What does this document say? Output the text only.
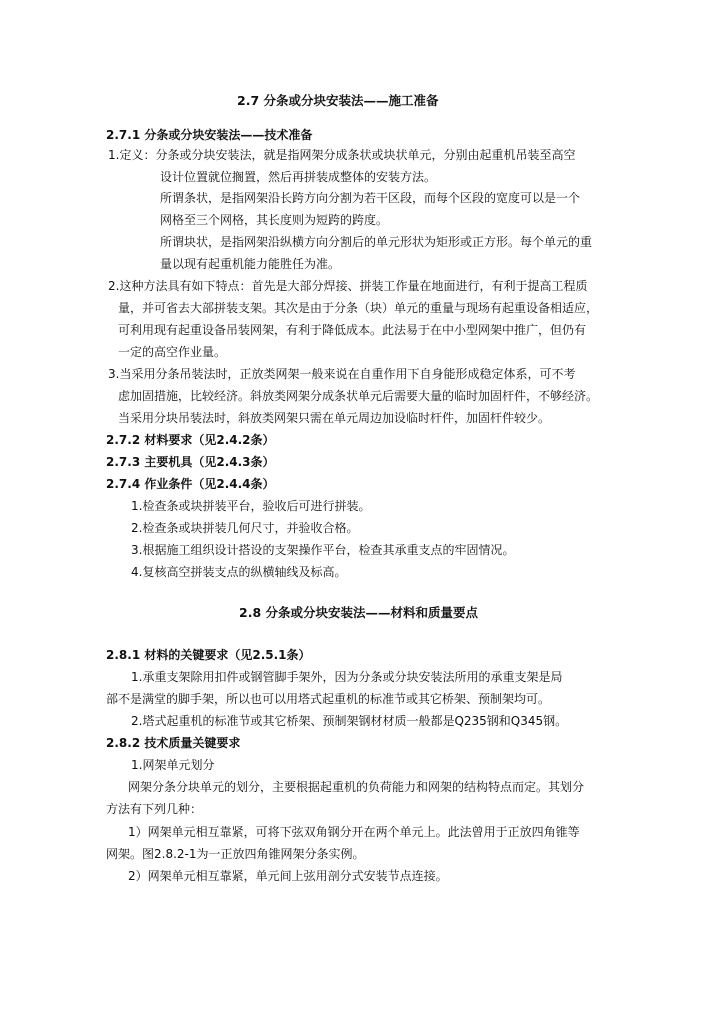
2.7 分条或分块安装法——施工准备
2.7.1 分条或分块安装法——技术准备
1.定义：分条或分块安装法，就是指网架分成条状或块状单元，分别由起重机吊装至高空
设计位置就位搁置，然后再拼装成整体的安装方法。
所谓条状，是指网架沿长跨方向分割为若干区段，而每个区段的宽度可以是一个
网格至三个网格，其长度则为短跨的跨度。
所谓块状，是指网架沿纵横方向分割后的单元形状为矩形或正方形。每个单元的重
量以现有起重机能力能胜任为准。
2.这种方法具有如下特点：首先是大部分焊接、拼装工作量在地面进行，有利于提高工程质
量，并可省去大部拼装支架。其次是由于分条（块）单元的重量与现场有起重设备相适应，
可利用现有起重设备吊装网架，有利于降低成本。此法易于在中小型网架中推广，但仍有
一定的高空作业量。
3.当采用分条吊装法时，正放类网架一般来说在自重作用下自身能形成稳定体系，可不考
虑加固措施，比较经济。斜放类网架分成条状单元后需要大量的临时加固杆件，不够经济。
当采用分块吊装法时，斜放类网架只需在单元周边加设临时杆件，加固杆件较少。
2.7.2 材料要求（见2.4.2条）
2.7.3 主要机具（见2.4.3条）
2.7.4 作业条件（见2.4.4条）
1.检查条或块拼装平台，验收后可进行拼装。
2.检查条或块拼装几何尺寸，并验收合格。
3.根据施工组织设计搭设的支架操作平台，检查其承重支点的牢固情况。
4.复核高空拼装支点的纵横轴线及标高。
2.8 分条或分块安装法——材料和质量要点
2.8.1 材料的关键要求（见2.5.1条）
1.承重支架除用扣件或钢管脚手架外，因为分条或分块安装法所用的承重支架是局
部不是满堂的脚手架，所以也可以用塔式起重机的标准节或其它桥架、预制架均可。
2.塔式起重机的标准节或其它桥架、预制架钢材材质一般都是Q235钢和Q345钢。
2.8.2 技术质量关键要求
1.网架单元划分
网架分条分块单元的划分，主要根据起重机的负荷能力和网架的结构特点而定。其划分
方法有下列几种：
1）网架单元相互靠紧，可将下弦双角钢分开在两个单元上。此法曾用于正放四角锥等
网架。图2.8.2-1为一正放四角锥网架分条实例。
2）网架单元相互靠紧，单元间上弦用剖分式安装节点连接。
